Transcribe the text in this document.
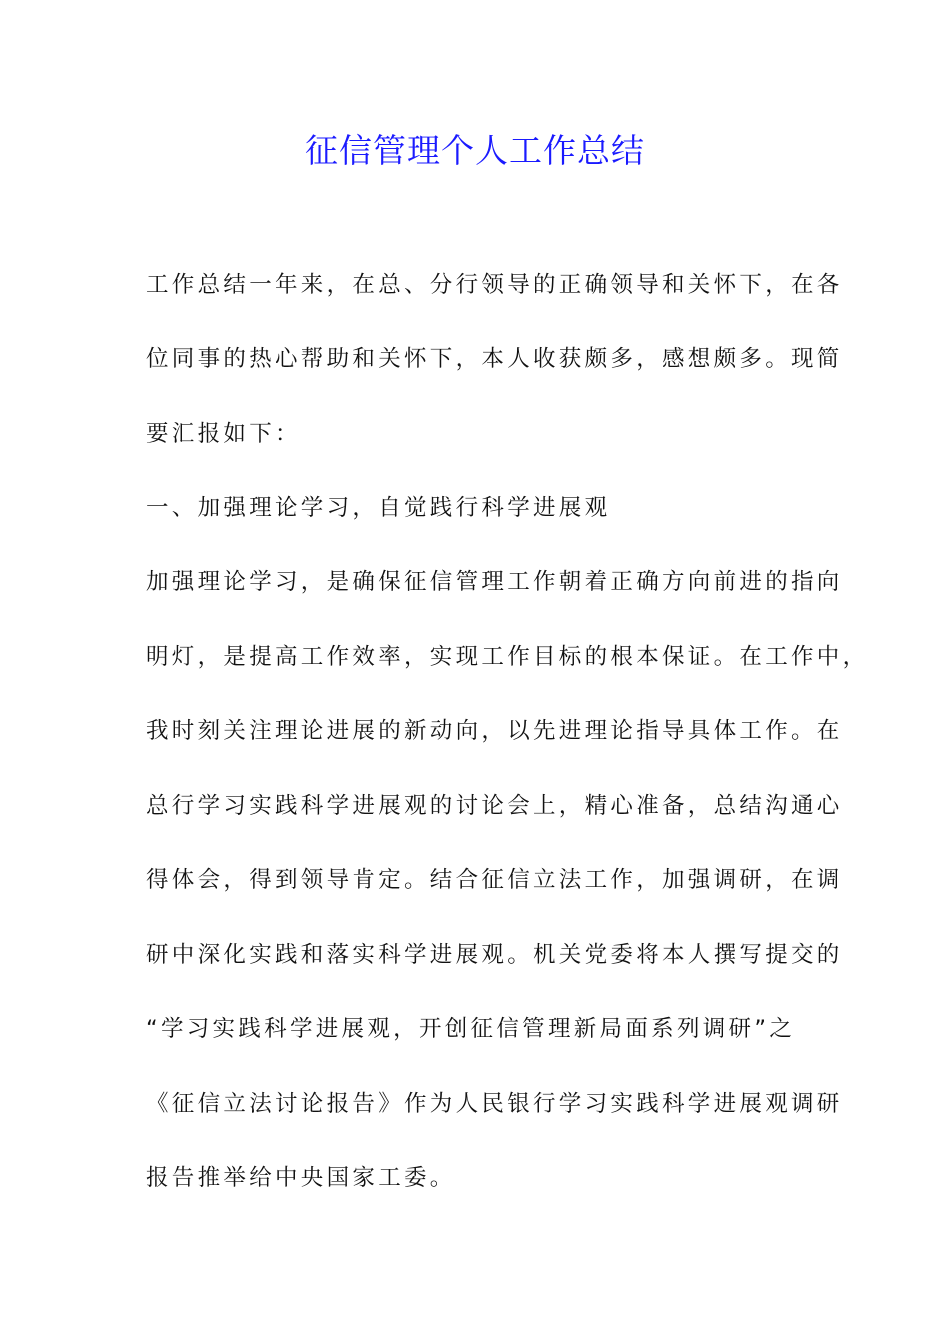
征信管理个人工作总结
工作总结一年来，在总、分行领导的正确领导和关怀下，在各
位同事的热心帮助和关怀下，本人收获颇多，感想颇多。现简
要汇报如下：
一、加强理论学习，自觉践行科学进展观
加强理论学习，是确保征信管理工作朝着正确方向前进的指向
明灯，是提高工作效率，实现工作目标的根本保证。在工作中，
我时刻关注理论进展的新动向，以先进理论指导具体工作。在
总行学习实践科学进展观的讨论会上，精心准备，总结沟通心
得体会，得到领导肯定。结合征信立法工作，加强调研，在调
研中深化实践和落实科学进展观。机关党委将本人撰写提交的
“学习实践科学进展观，开创征信管理新局面系列调研”之
《征信立法讨论报告》作为人民银行学习实践科学进展观调研
报告推举给中央国家工委。
